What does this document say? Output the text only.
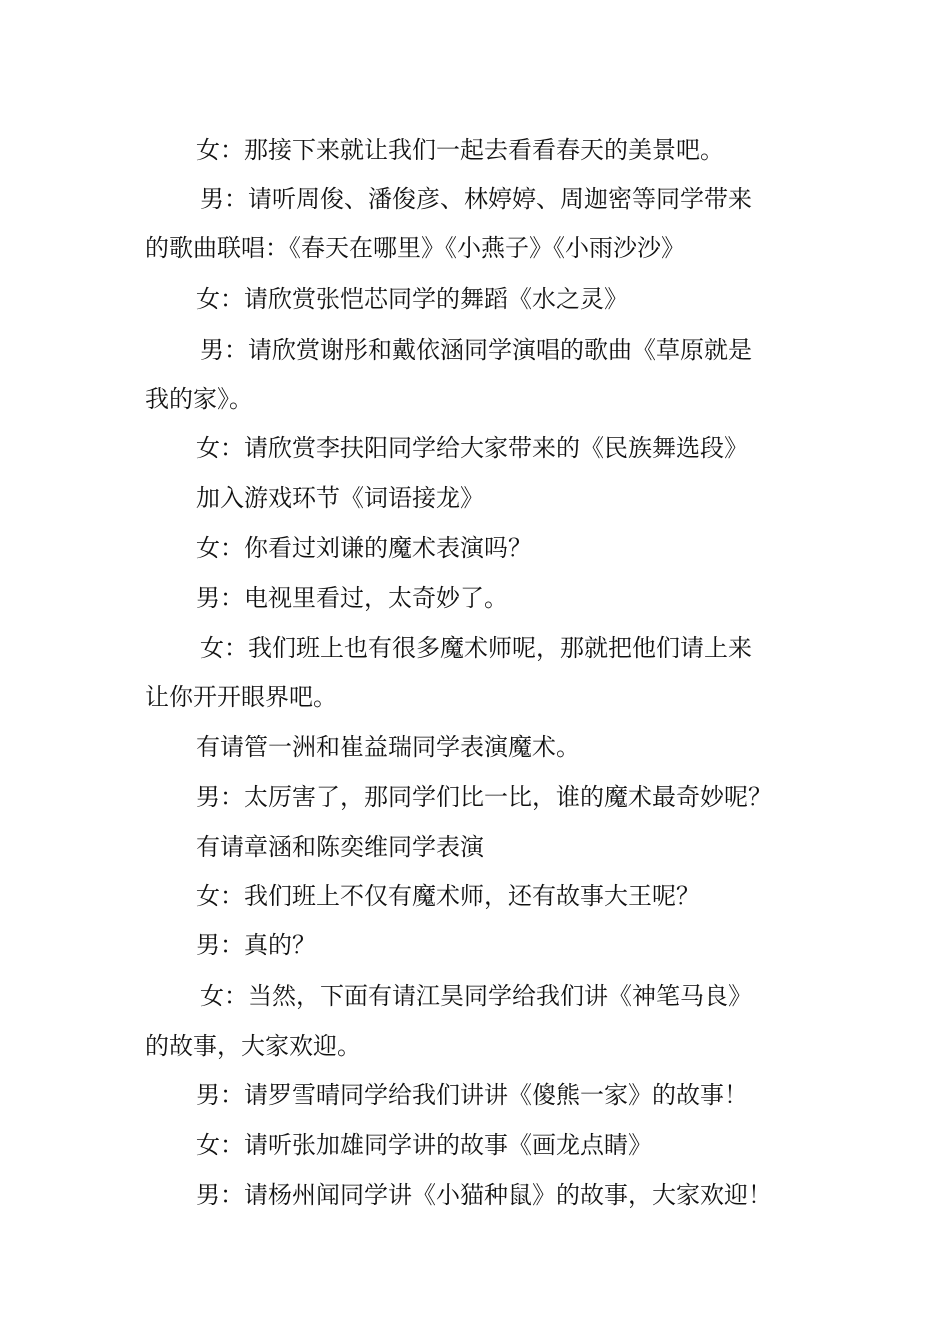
女：那接下来就让我们一起去看看春天的美景吧。

男：请听周俊、潘俊彦、林婷婷、周迦密等同学带来

的歌曲联唱：《春天在哪里》《小燕子》《小雨沙沙》

女：请欣赏张恺芯同学的舞蹈《水之灵》

男：请欣赏谢彤和戴依涵同学演唱的歌曲《草原就是

我的家》。

女：请欣赏李扶阳同学给大家带来的《民族舞选段》

加入游戏环节《词语接龙》

女：你看过刘谦的魔术表演吗？

男：电视里看过，太奇妙了。

女：我们班上也有很多魔术师呢，那就把他们请上来

让你开开眼界吧。

有请管一洲和崔益瑞同学表演魔术。

男：太厉害了，那同学们比一比，谁的魔术最奇妙呢？

有请章涵和陈奕维同学表演

女：我们班上不仅有魔术师，还有故事大王呢？

男：真的？

女：当然，下面有请江昊同学给我们讲《神笔马良》

的故事，大家欢迎。

男：请罗雪晴同学给我们讲讲《傻熊一家》的故事！

女：请听张加雄同学讲的故事《画龙点睛》

男：请杨州闻同学讲《小猫种鼠》的故事，大家欢迎！
